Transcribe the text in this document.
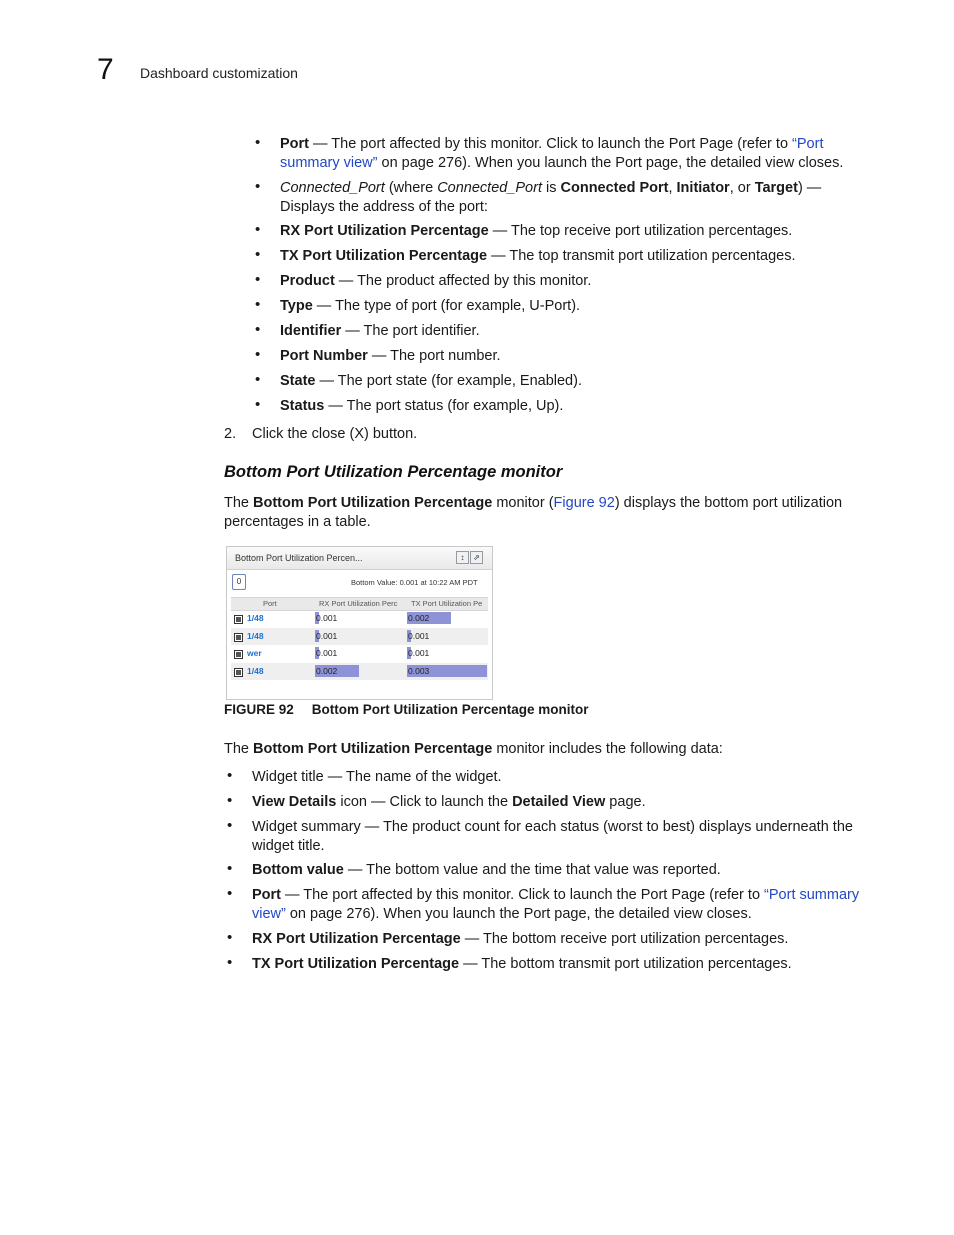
7 Dashboard customization
• Port — The port affected by this monitor. Click to launch the Port Page (refer to “Port summary view” on page 276). When you launch the Port page, the detailed view closes.
• Connected_Port (where Connected_Port is Connected Port, Initiator, or Target) — Displays the address of the port:
• RX Port Utilization Percentage — The top receive port utilization percentages.
• TX Port Utilization Percentage — The top transmit port utilization percentages.
• Product — The product affected by this monitor.
• Type — The type of port (for example, U-Port).
• Identifier — The port identifier.
• Port Number — The port number.
• State — The port state (for example, Enabled).
• Status — The port status (for example, Up).
2. Click the close (X) button.
Bottom Port Utilization Percentage monitor
The Bottom Port Utilization Percentage monitor (Figure 92) displays the bottom port utilization percentages in a table.
Bottom Port Utilization Percen...	↕	⇗
0	Bottom Value: 0.001 at 10:22 AM PDT
Port	RX Port Utilization Perc	TX Port Utilization Pe
1/48	0.001	0.002
1/48	0.001	0.001
wer	0.001	0.001
1/48	0.002	0.003
FIGURE 92 Bottom Port Utilization Percentage monitor
The Bottom Port Utilization Percentage monitor includes the following data:
• Widget title — The name of the widget.
• View Details icon — Click to launch the Detailed View page.
• Widget summary — The product count for each status (worst to best) displays underneath the widget title.
• Bottom value — The bottom value and the time that value was reported.
• Port — The port affected by this monitor. Click to launch the Port Page (refer to “Port summary view” on page 276). When you launch the Port page, the detailed view closes.
• RX Port Utilization Percentage — The bottom receive port utilization percentages.
• TX Port Utilization Percentage — The bottom transmit port utilization percentages.
